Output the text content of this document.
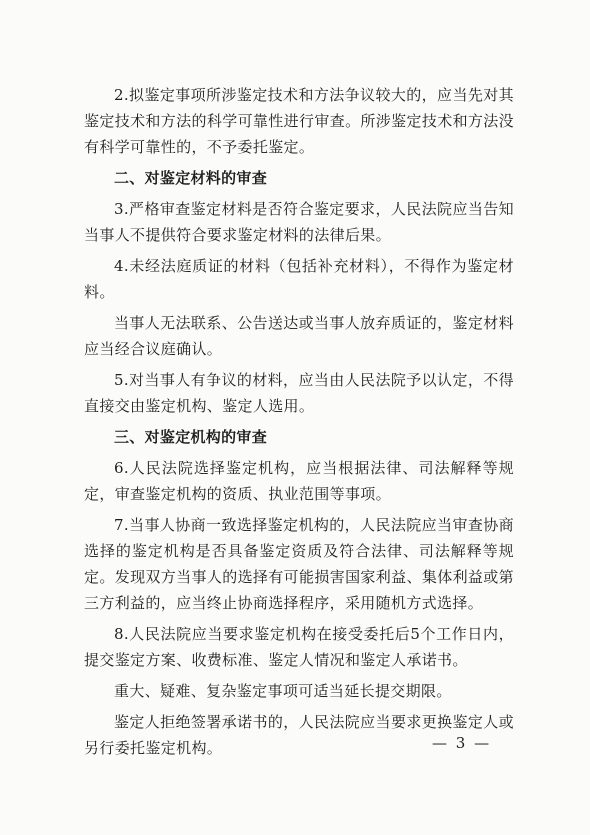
2.拟鉴定事项所涉鉴定技术和方法争议较大的，应当先对其鉴定技术和方法的科学可靠性进行审查。所涉鉴定技术和方法没有科学可靠性的，不予委托鉴定。

二、对鉴定材料的审查

3.严格审查鉴定材料是否符合鉴定要求，人民法院应当告知当事人不提供符合要求鉴定材料的法律后果。

4.未经法庭质证的材料（包括补充材料），不得作为鉴定材料。

当事人无法联系、公告送达或当事人放弃质证的，鉴定材料应当经合议庭确认。

5.对当事人有争议的材料，应当由人民法院予以认定，不得直接交由鉴定机构、鉴定人选用。

三、对鉴定机构的审查

6.人民法院选择鉴定机构，应当根据法律、司法解释等规定，审查鉴定机构的资质、执业范围等事项。

7.当事人协商一致选择鉴定机构的，人民法院应当审查协商选择的鉴定机构是否具备鉴定资质及符合法律、司法解释等规定。发现双方当事人的选择有可能损害国家利益、集体利益或第三方利益的，应当终止协商选择程序，采用随机方式选择。

8.人民法院应当要求鉴定机构在接受委托后5个工作日内，提交鉴定方案、收费标准、鉴定人情况和鉴定人承诺书。

重大、疑难、复杂鉴定事项可适当延长提交期限。

鉴定人拒绝签署承诺书的，人民法院应当要求更换鉴定人或另行委托鉴定机构。	— 3 —
